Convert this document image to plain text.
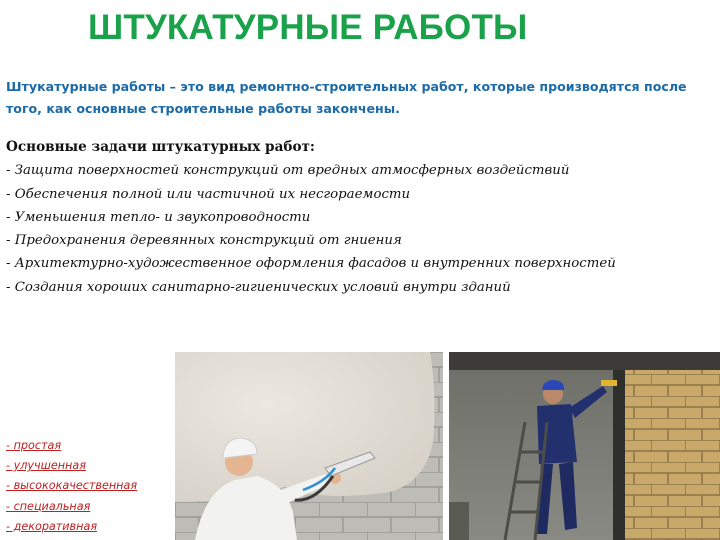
ШТУКАТУРНЫЕ РАБОТЫ
Штукатурные работы – это вид ремонтно-строительных работ, которые производятся после того, как основные строительные работы закончены.
Основные задачи штукатурных работ:
- Защита поверхностей конструкций от вредных атмосферных воздействий
- Обеспечения полной или частичной их несгораемости
- Уменьшения тепло- и звукопроводности
- Предохранения деревянных конструкций от гниения
- Архитектурно-художественное оформления фасадов и внутренних поверхностей
- Создания хороших санитарно-гигиенических условий внутри зданий
- простая
- улучшенная
- высококачественная
- специальная
- декоративная
